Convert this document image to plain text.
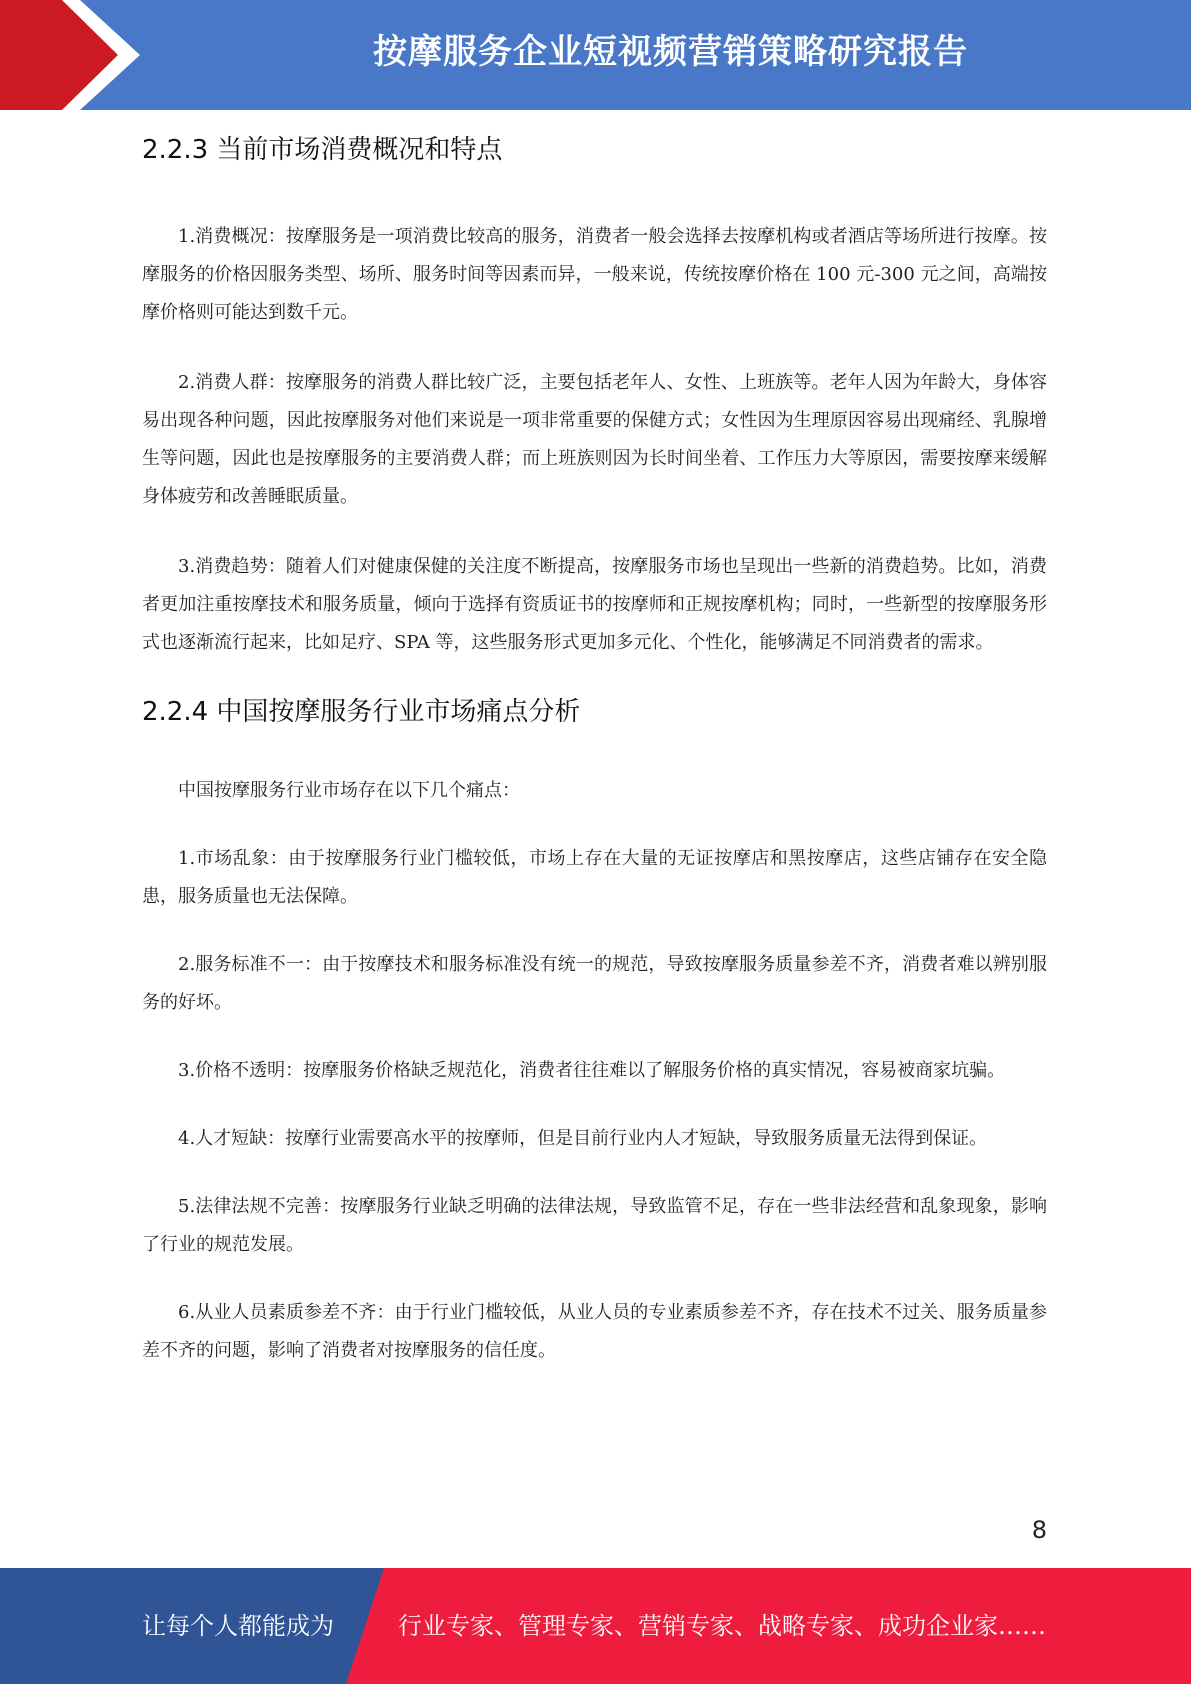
按摩服务企业短视频营销策略研究报告
2.2.3 当前市场消费概况和特点

1.消费概况：按摩服务是一项消费比较高的服务，消费者一般会选择去按摩机构或者酒店等场所进行按摩。按摩服务的价格因服务类型、场所、服务时间等因素而异，一般来说，传统按摩价格在 100 元-300 元之间，高端按摩价格则可能达到数千元。

2.消费人群：按摩服务的消费人群比较广泛，主要包括老年人、女性、上班族等。老年人因为年龄大，身体容易出现各种问题，因此按摩服务对他们来说是一项非常重要的保健方式；女性因为生理原因容易出现痛经、乳腺增生等问题，因此也是按摩服务的主要消费人群；而上班族则因为长时间坐着、工作压力大等原因，需要按摩来缓解身体疲劳和改善睡眠质量。

3.消费趋势：随着人们对健康保健的关注度不断提高，按摩服务市场也呈现出一些新的消费趋势。比如，消费者更加注重按摩技术和服务质量，倾向于选择有资质证书的按摩师和正规按摩机构；同时，一些新型的按摩服务形式也逐渐流行起来，比如足疗、SPA 等，这些服务形式更加多元化、个性化，能够满足不同消费者的需求。

2.2.4 中国按摩服务行业市场痛点分析

中国按摩服务行业市场存在以下几个痛点：

1.市场乱象：由于按摩服务行业门槛较低，市场上存在大量的无证按摩店和黑按摩店，这些店铺存在安全隐患，服务质量也无法保障。

2.服务标准不一：由于按摩技术和服务标准没有统一的规范，导致按摩服务质量参差不齐，消费者难以辨别服务的好坏。

3.价格不透明：按摩服务价格缺乏规范化，消费者往往难以了解服务价格的真实情况，容易被商家坑骗。

4.人才短缺：按摩行业需要高水平的按摩师，但是目前行业内人才短缺，导致服务质量无法得到保证。

5.法律法规不完善：按摩服务行业缺乏明确的法律法规，导致监管不足，存在一些非法经营和乱象现象，影响了行业的规范发展。

6.从业人员素质参差不齐：由于行业门槛较低，从业人员的专业素质参差不齐，存在技术不过关、服务质量参差不齐的问题，影响了消费者对按摩服务的信任度。

8
让每个人都能成为	行业专家、管理专家、营销专家、战略专家、成功企业家……
